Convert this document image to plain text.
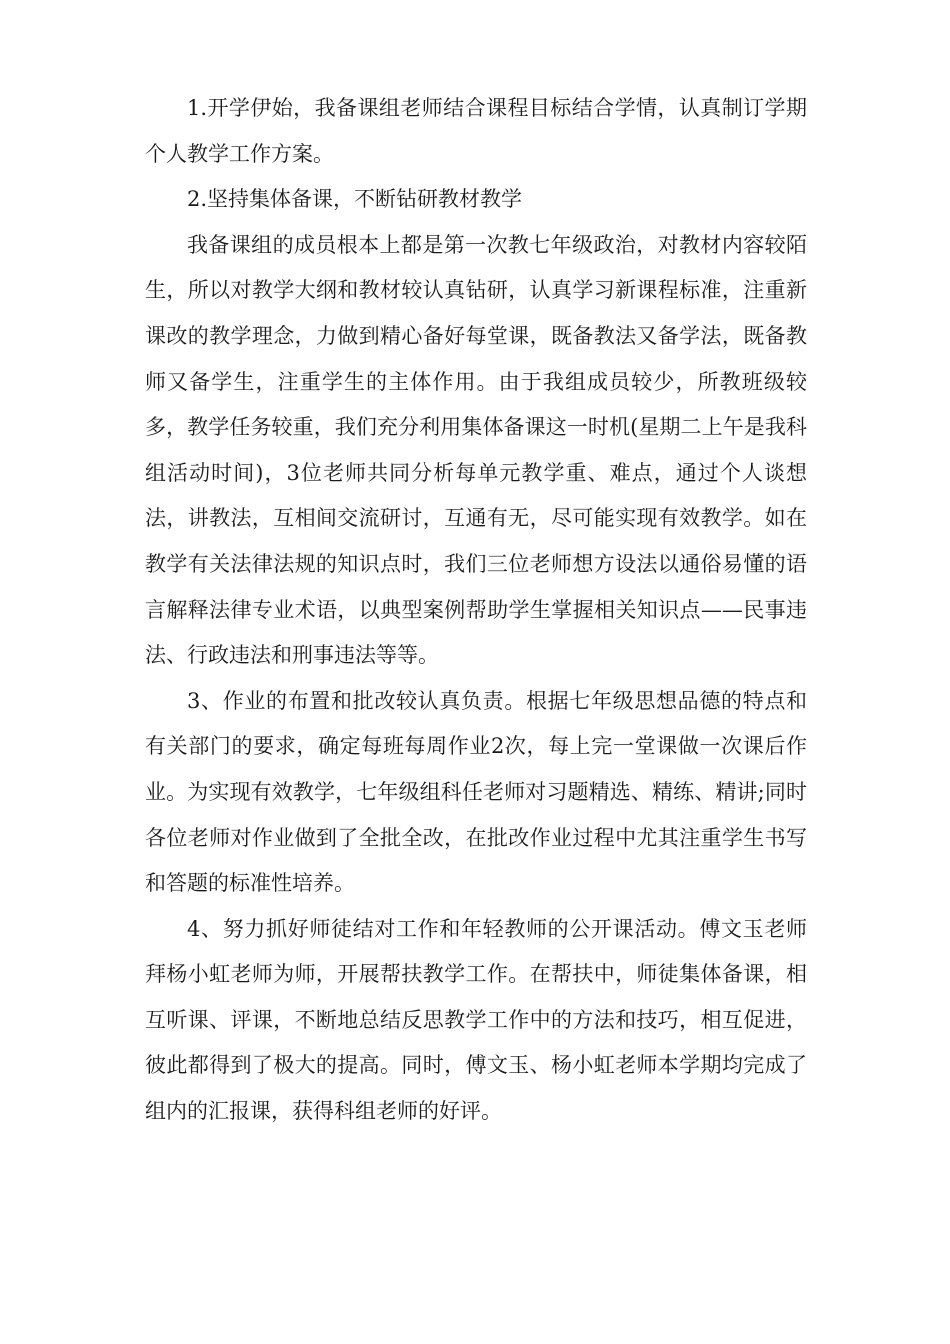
1.开学伊始，我备课组老师结合课程目标结合学情，认真制订学期个人教学工作方案。

2.坚持集体备课，不断钻研教材教学

我备课组的成员根本上都是第一次教七年级政治，对教材内容较陌生，所以对教学大纲和教材较认真钻研，认真学习新课程标准，注重新课改的教学理念，力做到精心备好每堂课，既备教法又备学法，既备教师又备学生，注重学生的主体作用。由于我组成员较少，所教班级较多，教学任务较重，我们充分利用集体备课这一时机(星期二上午是我科组活动时间)，3位老师共同分析每单元教学重、难点，通过个人谈想法，讲教法，互相间交流研讨，互通有无，尽可能实现有效教学。如在教学有关法律法规的知识点时，我们三位老师想方设法以通俗易懂的语言解释法律专业术语，以典型案例帮助学生掌握相关知识点——民事违法、行政违法和刑事违法等等。

3、作业的布置和批改较认真负责。根据七年级思想品德的特点和有关部门的要求，确定每班每周作业2次，每上完一堂课做一次课后作业。为实现有效教学，七年级组科任老师对习题精选、精练、精讲;同时各位老师对作业做到了全批全改，在批改作业过程中尤其注重学生书写和答题的标准性培养。

4、努力抓好师徒结对工作和年轻教师的公开课活动。傅文玉老师拜杨小虹老师为师，开展帮扶教学工作。在帮扶中，师徒集体备课，相互听课、评课，不断地总结反思教学工作中的方法和技巧，相互促进，彼此都得到了极大的提高。同时，傅文玉、杨小虹老师本学期均完成了组内的汇报课，获得科组老师的好评。
